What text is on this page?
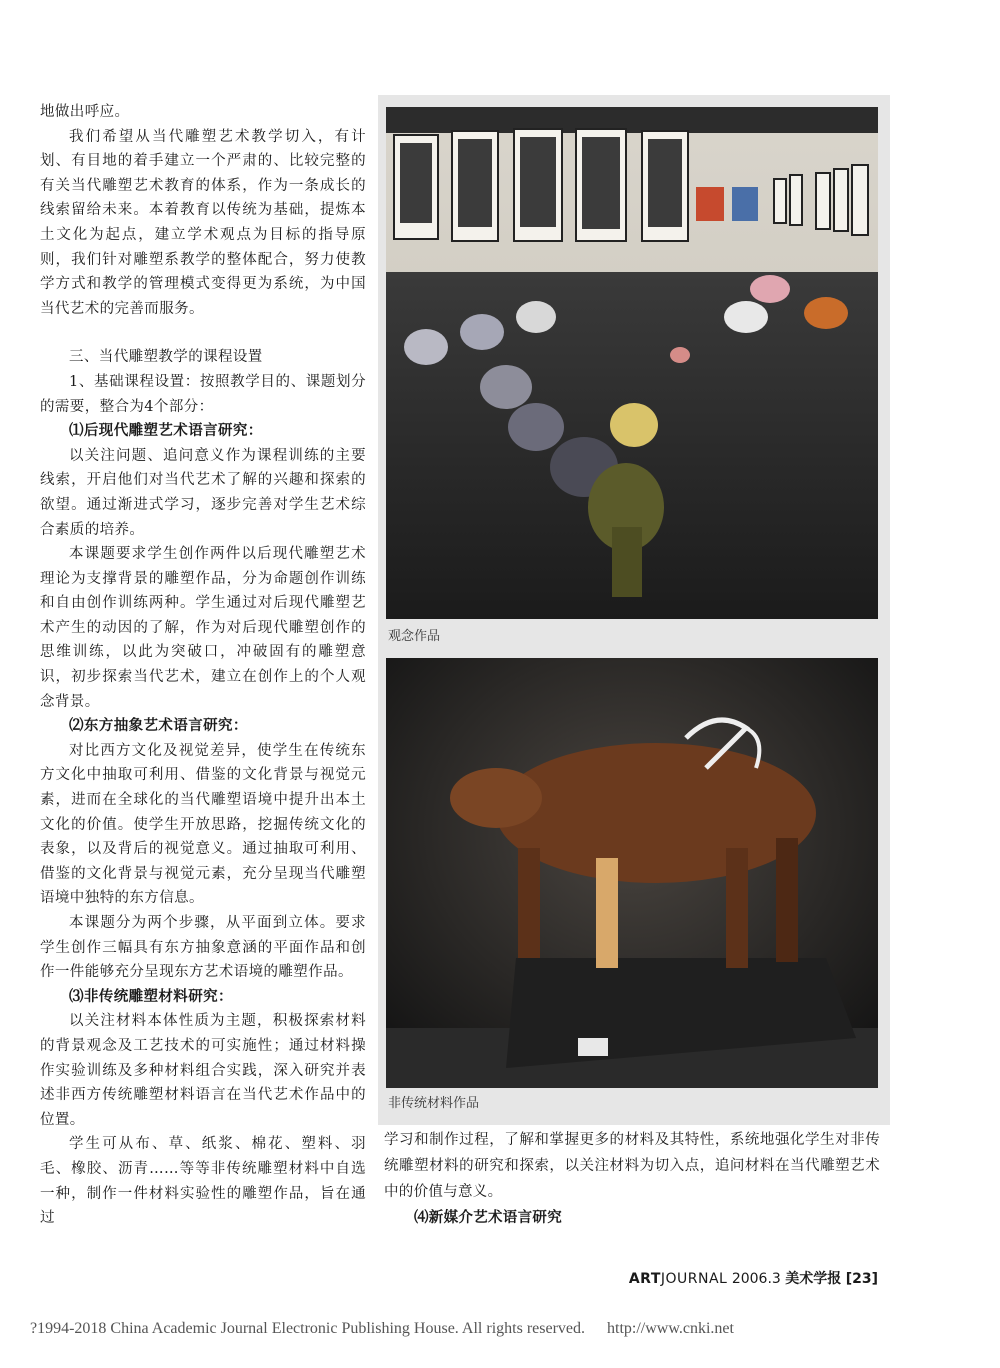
地做出呼应。

我们希望从当代雕塑艺术教学切入，有计划、有目地的着手建立一个严肃的、比较完整的有关当代雕塑艺术教育的体系，作为一条成长的线索留给未来。本着教育以传统为基础，提炼本土文化为起点，建立学术观点为目标的指导原则，我们针对雕塑系教学的整体配合，努力使教学方式和教学的管理模式变得更为系统，为中国当代艺术的完善而服务。

三、当代雕塑教学的课程设置

1、基础课程设置：按照教学目的、课题划分的需要，整合为4个部分：

⑴后现代雕塑艺术语言研究：

以关注问题、追问意义作为课程训练的主要线索，开启他们对当代艺术了解的兴趣和探索的欲望。通过渐进式学习，逐步完善对学生艺术综合素质的培养。

本课题要求学生创作两件以后现代雕塑艺术理论为支撑背景的雕塑作品，分为命题创作训练和自由创作训练两种。学生通过对后现代雕塑艺术产生的动因的了解，作为对后现代雕塑创作的思维训练，以此为突破口，冲破固有的雕塑意识，初步探索当代艺术，建立在创作上的个人观念背景。

⑵东方抽象艺术语言研究：

对比西方文化及视觉差异，使学生在传统东方文化中抽取可利用、借鉴的文化背景与视觉元素，进而在全球化的当代雕塑语境中提升出本土文化的价值。使学生开放思路，挖掘传统文化的表象，以及背后的视觉意义。通过抽取可利用、借鉴的文化背景与视觉元素，充分呈现当代雕塑语境中独特的东方信息。

本课题分为两个步骤，从平面到立体。要求学生创作三幅具有东方抽象意涵的平面作品和创作一件能够充分呈现东方艺术语境的雕塑作品。

⑶非传统雕塑材料研究：

以关注材料本体性质为主题，积极探索材料的背景观念及工艺技术的可实施性；通过材料操作实验训练及多种材料组合实践，深入研究并表述非西方传统雕塑材料语言在当代艺术作品中的位置。

学生可从布、草、纸浆、棉花、塑料、羽毛、橡胶、沥青……等等非传统雕塑材料中自选一种，制作一件材料实验性的雕塑作品，旨在通过

观念作品
非传统材料作品

学习和制作过程，了解和掌握更多的材料及其特性，系统地强化学生对非传统雕塑材料的研究和探索，以关注材料为切入点，追问材料在当代雕塑艺术中的价值与意义。

⑷新媒介艺术语言研究

ARTJOURNAL 2006.3 美术学报 [23]
?1994-2018 China Academic Journal Electronic Publishing House. All rights reserved. http://www.cnki.net
